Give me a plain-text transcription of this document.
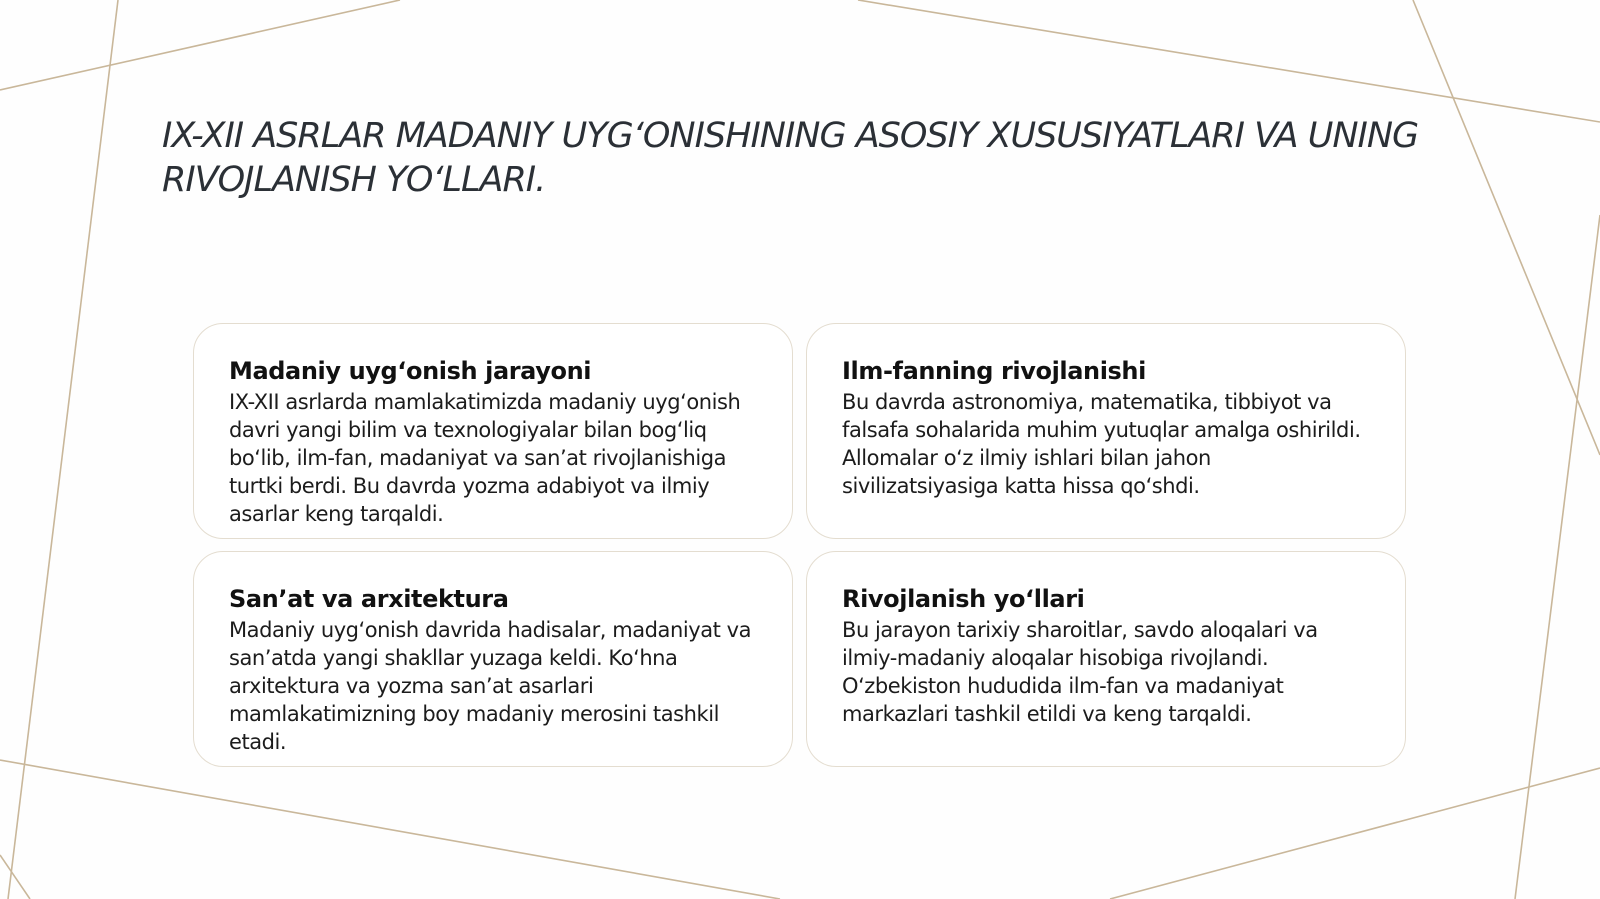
IX-XII ASRLAR MADANIY UYG‘ONISHINING ASOSIY XUSUSIYATLARI VA UNING RIVOJLANISH YO‘LLARI.
Madaniy uyg‘onish jarayoni

IX-XII asrlarda mamlakatimizda madaniy uyg‘onish davri yangi bilim va texnologiyalar bilan bog‘liq bo‘lib, ilm-fan, madaniyat va san’at rivojlanishiga turtki berdi. Bu davrda yozma adabiyot va ilmiy asarlar keng tarqaldi.

Ilm-fanning rivojlanishi

Bu davrda astronomiya, matematika, tibbiyot va falsafa sohalarida muhim yutuqlar amalga oshirildi. Allomalar o‘z ilmiy ishlari bilan jahon sivilizatsiyasiga katta hissa qo‘shdi.

San’at va arxitektura

Madaniy uyg‘onish davrida hadisalar, madaniyat va san’atda yangi shakllar yuzaga keldi. Ko‘hna arxitektura va yozma san’at asarlari mamlakatimizning boy madaniy merosini tashkil etadi.

Rivojlanish yo‘llari

Bu jarayon tarixiy sharoitlar, savdo aloqalari va ilmiy-madaniy aloqalar hisobiga rivojlandi. O‘zbekiston hududida ilm-fan va madaniyat markazlari tashkil etildi va keng tarqaldi.
